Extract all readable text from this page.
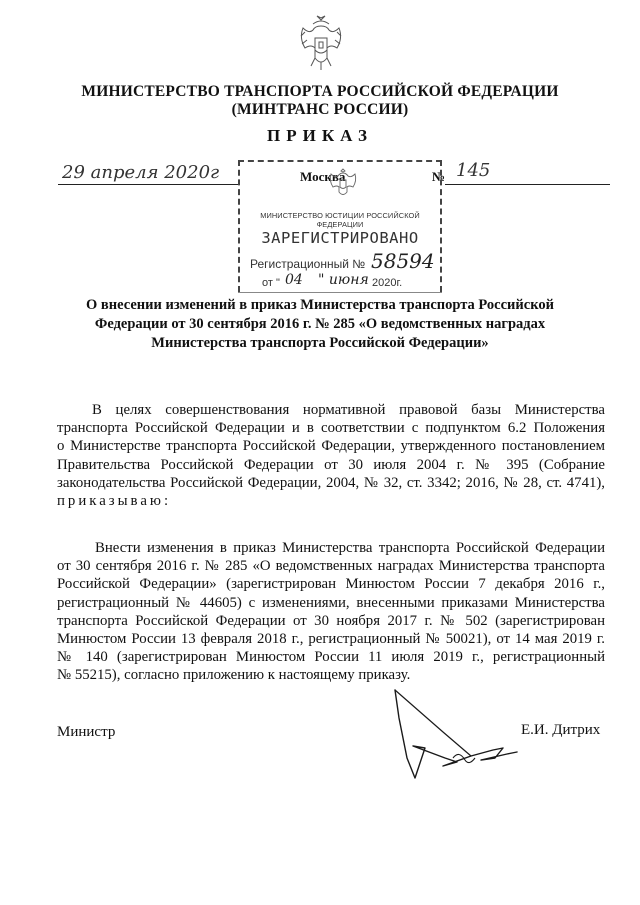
МИНИСТЕРСТВО ТРАНСПОРТА РОССИЙСКОЙ ФЕДЕРАЦИИ
(МИНТРАНС РОССИИ)
ПРИКАЗ
29 апреля 2020г	Москва	№ 145
МИНИСТЕРСТВО ЮСТИЦИИ РОССИЙСКОЙ ФЕДЕРАЦИИ
ЗАРЕГИСТРИРОВАНО
Регистрационный № 58594
от " 04 " июня 2020г.
О внесении изменений в приказ Министерства транспорта Российской
Федерации от 30 сентября 2016 г. № 285 «О ведомственных наградах
Министерства транспорта Российской Федерации»
В целях совершенствования нормативной правовой базы Министерства
транспорта Российской Федерации и в соответствии с подпунктом 6.2 Положения
о Министерстве транспорта Российской Федерации, утвержденного постановлением
Правительства Российской Федерации от 30 июля 2004 г. № 395 (Собрание
законодательства Российской Федерации, 2004, № 32, ст. 3342; 2016, № 28, ст. 4741),
приказываю:
Внести изменения в приказ Министерства транспорта Российской Федерации
от 30 сентября 2016 г. № 285 «О ведомственных наградах Министерства транспорта
Российской Федерации» (зарегистрирован Минюстом России 7 декабря 2016 г.,
регистрационный № 44605) с изменениями, внесенными приказами Министерства
транспорта Российской Федерации от 30 ноября 2017 г. № 502 (зарегистрирован
Минюстом России 13 февраля 2018 г., регистрационный № 50021), от 14 мая 2019 г.
№ 140 (зарегистрирован Минюстом России 11 июля 2019 г., регистрационный
№ 55215), согласно приложению к настоящему приказу.
Министр	Е.И. Дитрих
